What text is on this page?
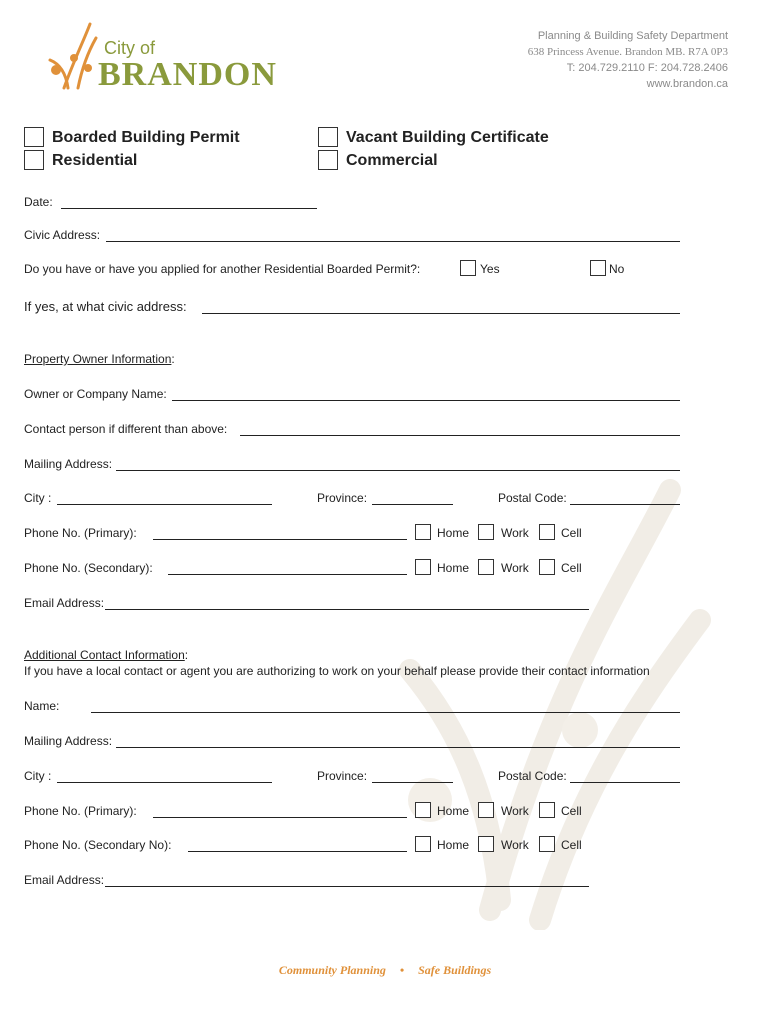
City of
BRANDON
Planning & Building Safety Department
638 Princess Avenue. Brandon MB. R7A 0P3
T: 204.729.2110 F: 204.728.2406
www.brandon.ca
Boarded Building Permit
Residential
Vacant Building Certificate
Commercial
Date:
Civic Address:
Do you have or have you applied for another Residential Boarded Permit?:	Yes	No
If yes, at what civic address:
Property Owner Information:
Owner or Company Name:
Contact person if different than above:
Mailing Address:
City :	Province:	Postal Code:
Phone No. (Primary):	Home	Work	Cell
Phone No. (Secondary):	Home	Work	Cell
Email Address:
Additional Contact Information:
If you have a local contact or agent you are authorizing to work on your behalf please provide their contact information
Name:
Mailing Address:
City :	Province:	Postal Code:
Phone No. (Primary):	Home	Work	Cell
Phone No. (Secondary No):	Home	Work	Cell
Email Address:
Community Planning • Safe Buildings
